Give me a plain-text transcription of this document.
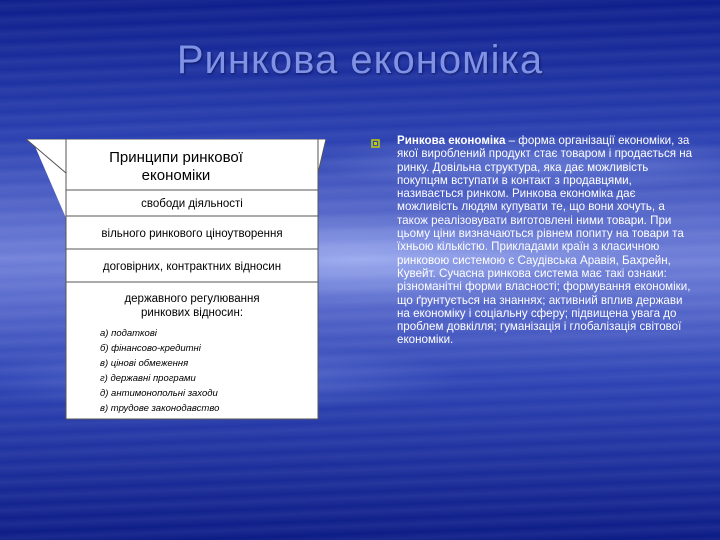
Ринкова економіка
Принципи ринкової економіки
свободи діяльності
вільного ринкового ціноутворення
договірних, контрактних відносин
державного регулювання ринкових відносин:
а) податкові
б) фінансово-кредитні
в) цінові обмеження
г) державні програми
д) антимонопольні заходи
в) трудове законодавство
Ринкова економіка – форма організації економіки, за якої вироблений продукт стає товаром і продається на ринку. Довільна структура, яка дає можливість покупцям вступати в контакт з продавцями, називається ринком. Ринкова економіка дає можливість людям купувати те, що вони хочуть, а також реалізовувати виготовлені ними товари. При цьому ціни визначаються рівнем попиту на товари та їхньою кількістю. Прикладами країн з класичною ринковою системою є Саудівська Аравія, Бахрейн, Кувейт. Сучасна ринкова система має такі ознаки: різноманітні форми власності; формування економіки, що ґрунтується на знаннях; активний вплив держави на економіку і соціальну сферу; підвищена увага до проблем довкілля; гуманізація і глобалізація світової економіки.
